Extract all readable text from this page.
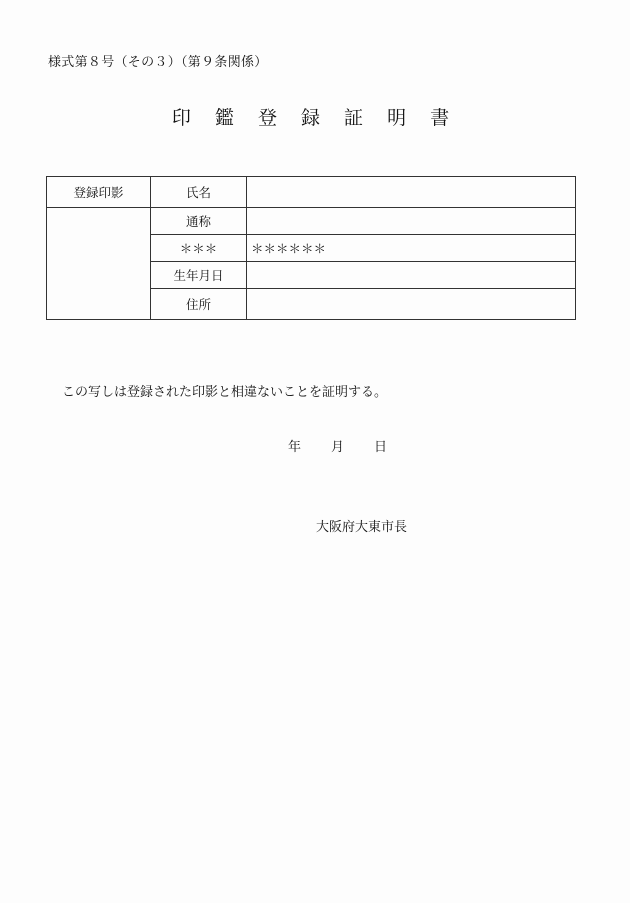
様式第８号（その３）（第９条関係）
印 鑑 登 録 証 明 書
登録印影	氏名	
	通称	
	＊＊＊	＊＊＊＊＊＊
	生年月日	
	住所	
この写しは登録された印影と相違ないことを証明する。
年 月 日
大阪府大東市長
